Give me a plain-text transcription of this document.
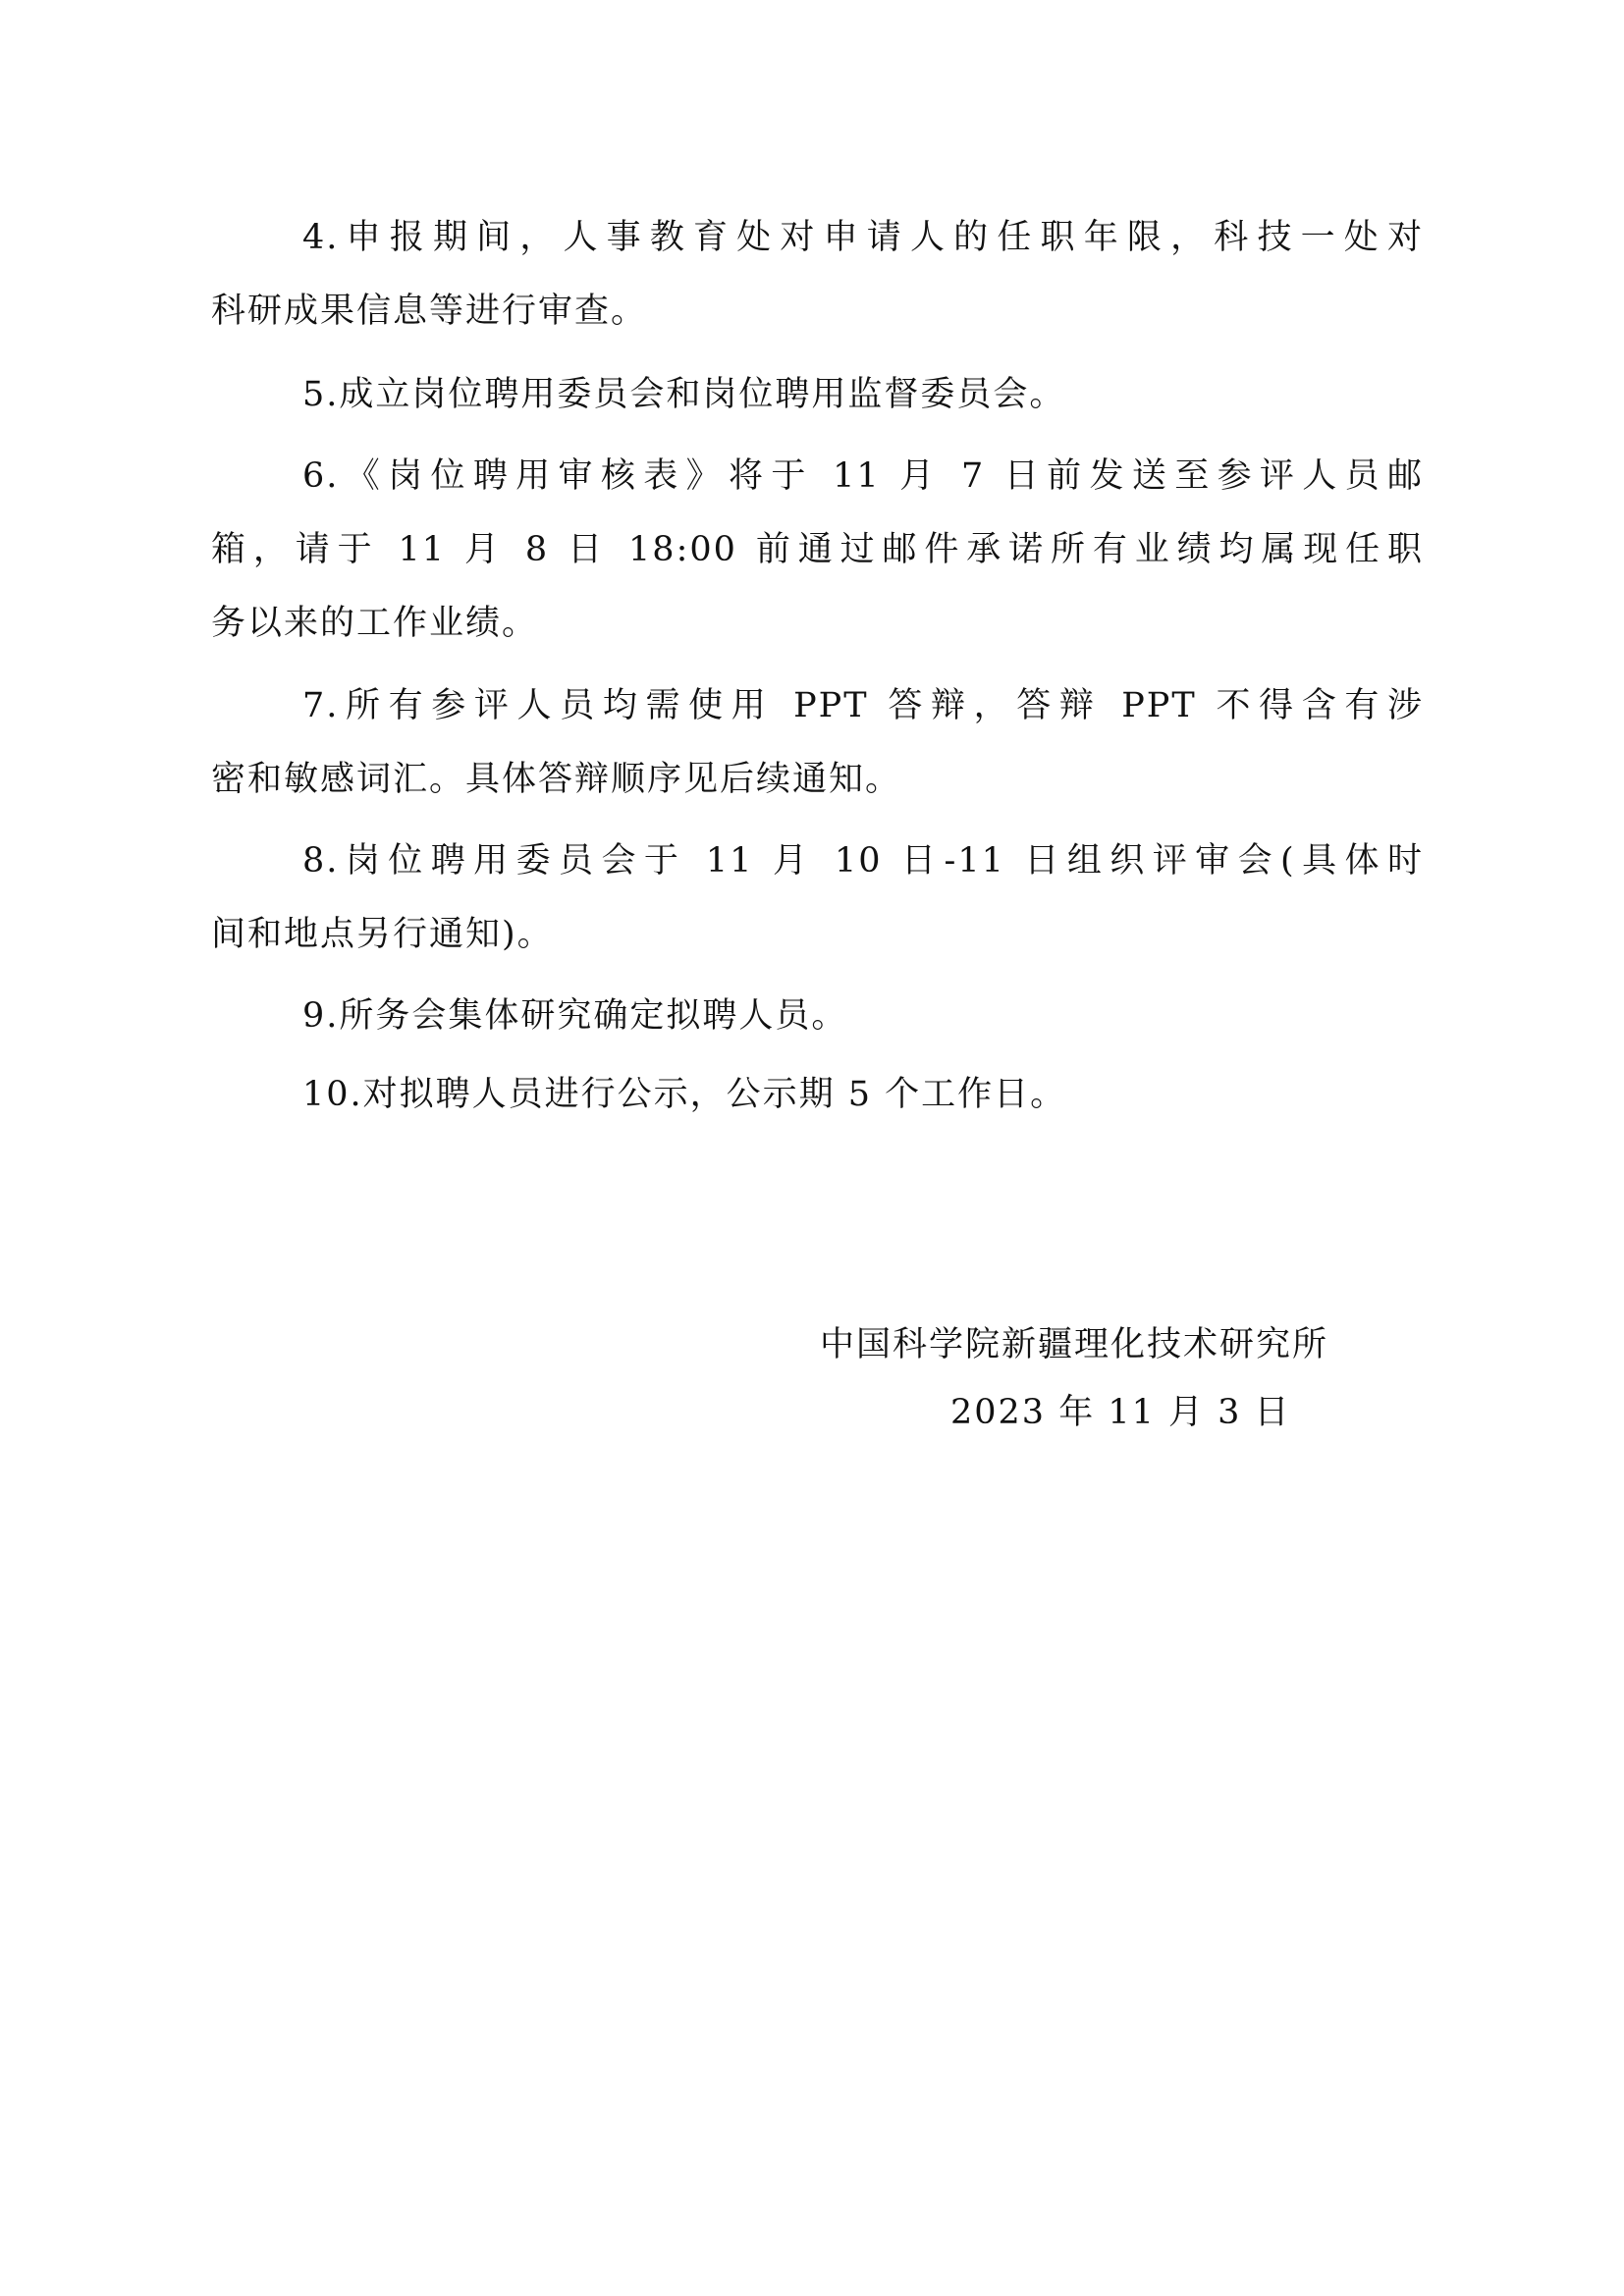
4.申报期间，人事教育处对申请人的任职年限，科技一处对

科研成果信息等进行审查。

5.成立岗位聘用委员会和岗位聘用监督委员会。

6.《岗位聘用审核表》将于 11 月 7 日前发送至参评人员邮

箱，请于 11 月 8 日 18:00 前通过邮件承诺所有业绩均属现任职

务以来的工作业绩。

7.所有参评人员均需使用 PPT 答辩，答辩 PPT 不得含有涉

密和敏感词汇。具体答辩顺序见后续通知。

8.岗位聘用委员会于 11 月 10 日-11 日组织评审会(具体时

间和地点另行通知)。

9.所务会集体研究确定拟聘人员。

10.对拟聘人员进行公示，公示期 5 个工作日。

中国科学院新疆理化技术研究所

2023 年 11 月 3 日
